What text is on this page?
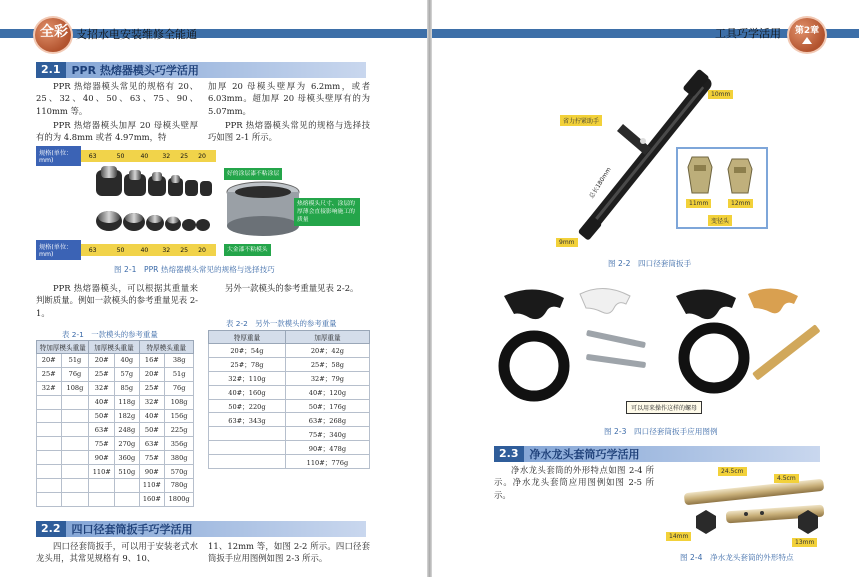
全彩 支招水电安装维修全能通
2.1	PPR 热熔器模头巧学活用
PPR 热熔器模头常见的规格有 20、25、32、40、50、63、75、90、110mm 等。
PPR 热熔器模头加厚 20 母模头壁厚有的为 4.8mm 或者 4.97mm，特
加厚 20 母模头壁厚为 6.2mm，或者 6.03mm。超加厚 20 母模头壁厚有的为 5.07mm。
PPR 热熔器模头常见的规格与选择技巧如图 2-1 所示。
规格(单位：mm)
63	50	40 32 25 20
规格(单位：mm)
63	50	40 32 25 20
好的涂层漆不粘涂层
热熔模头尺寸、涂层的厚薄会直接影响施工的质量
大金漆不粘模头
图 2-1　PPR 热熔器模头常见的规格与选择技巧
PPR 热熔器模头，可以根据其重量来判断质量。例如一款模头的参考重量见表 2-1。
另外一款模头的参考重量见表 2-2。
表 2-1　一款模头的参考重量
特加厚模头重量		加厚模头重量		特厚模头重量	
20#	51g	20#	40g	16#	38g
25#	76g	25#	57g	20#	51g
32#	108g	32#	85g	25#	76g
		40#	118g	32#	108g
		50#	182g	40#	156g
		63#	248g	50#	225g
		75#	270g	63#	356g
		90#	360g	75#	380g
		110#	510g	90#	570g
				110#	780g
				160#	1800g
表 2-2　另外一款模头的参考重量
特厚重量	加厚重量
20#；54g	20#；42g
25#；78g	25#；58g
32#；110g	32#；79g
40#；160g	40#；120g
50#；220g	50#；176g
63#；343g	63#；268g
	75#；340g
	90#；478g
	110#；776g
2.2	四口径套筒扳手巧学活用
四口径套筒扳手，可以用于安装老式水龙头用，其常见规格有 9、10、
11、12mm 等，如图 2-2 所示。四口径套筒扳手应用图例如图 2-3 所示。
工具巧学活用	第2章
10mm
省力拧紧助手
总长180mm
9mm
11mm	12mm
变径头
图 2-2　四口径套筒扳手
可以用来操作这样的螺母
图 2-3　四口径套筒扳手应用图例
2.3	净水龙头套筒巧学活用
净水龙头套筒的外形特点如图 2-4 所示。净水龙头套筒应用图例如图 2-5 所示。
24.5cm
4.5cm
14mm
13mm
图 2-4　净水龙头套筒的外形特点
